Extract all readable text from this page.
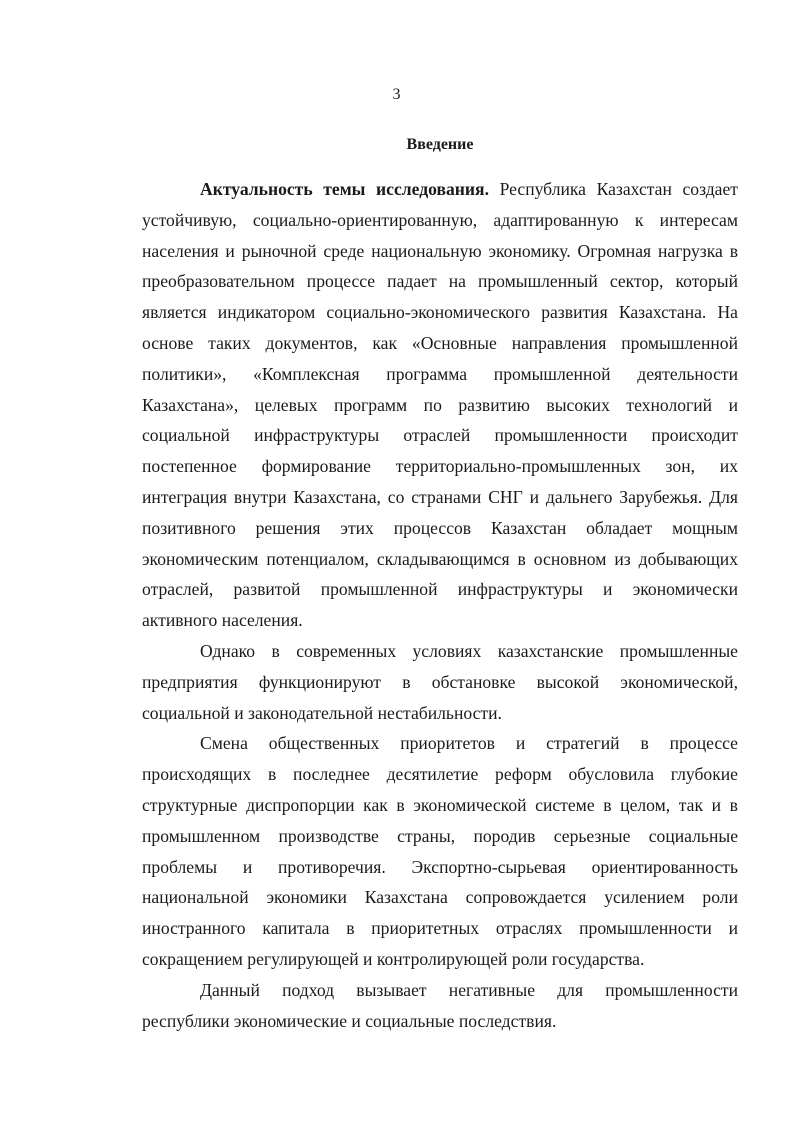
3
Введение

Актуальность темы исследования. Республика Казахстан создает устойчивую, социально-ориентированную, адаптированную к интересам населения и рыночной среде национальную экономику. Огромная нагрузка в преобразовательном процессе падает на промышленный сектор, который является индикатором социально-экономического развития Казахстана. На основе таких документов, как «Основные направления промышленной политики», «Комплексная программа промышленной деятельности Казахстана», целевых программ по развитию высоких технологий и социальной инфраструктуры отраслей промышленности происходит постепенное формирование территориально-промышленных зон, их интеграция внутри Казахстана, со странами СНГ и дальнего Зарубежья. Для позитивного решения этих процессов Казахстан обладает мощным экономическим потенциалом, складывающимся в основном из добывающих отраслей, развитой промышленной инфраструктуры и экономически активного населения.

Однако в современных условиях казахстанские промышленные предприятия функционируют в обстановке высокой экономической, социальной и законодательной нестабильности.

Смена общественных приоритетов и стратегий в процессе происходящих в последнее десятилетие реформ обусловила глубокие структурные диспропорции как в экономической системе в целом, так и в промышленном производстве страны, породив серьезные социальные проблемы и противоречия. Экспортно-сырьевая ориентированность национальной экономики Казахстана сопровождается усилением роли иностранного капитала в приоритетных отраслях промышленности и сокращением регулирующей и контролирующей роли государства.

Данный подход вызывает негативные для промышленности республики экономические и социальные последствия.
